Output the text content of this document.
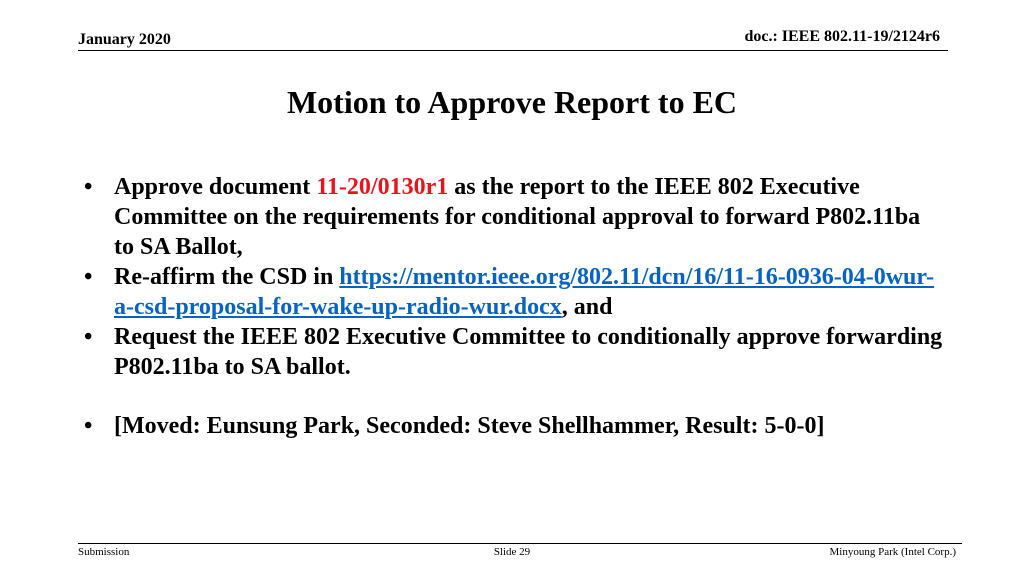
January 2020	doc.: IEEE 802.11-19/2124r6
Motion to Approve Report to EC
• Approve document 11-20/0130r1 as the report to the IEEE 802 Executive Committee on the requirements for conditional approval to forward P802.11ba to SA Ballot,
• Re-affirm the CSD in https://mentor.ieee.org/802.11/dcn/16/11-16-0936-04-0wur-a-csd-proposal-for-wake-up-radio-wur.docx, and
• Request the IEEE 802 Executive Committee to conditionally approve forwarding P802.11ba to SA ballot.
• [Moved: Eunsung Park, Seconded: Steve Shellhammer, Result: 5-0-0]
Submission	Slide 29	Minyoung Park (Intel Corp.)
